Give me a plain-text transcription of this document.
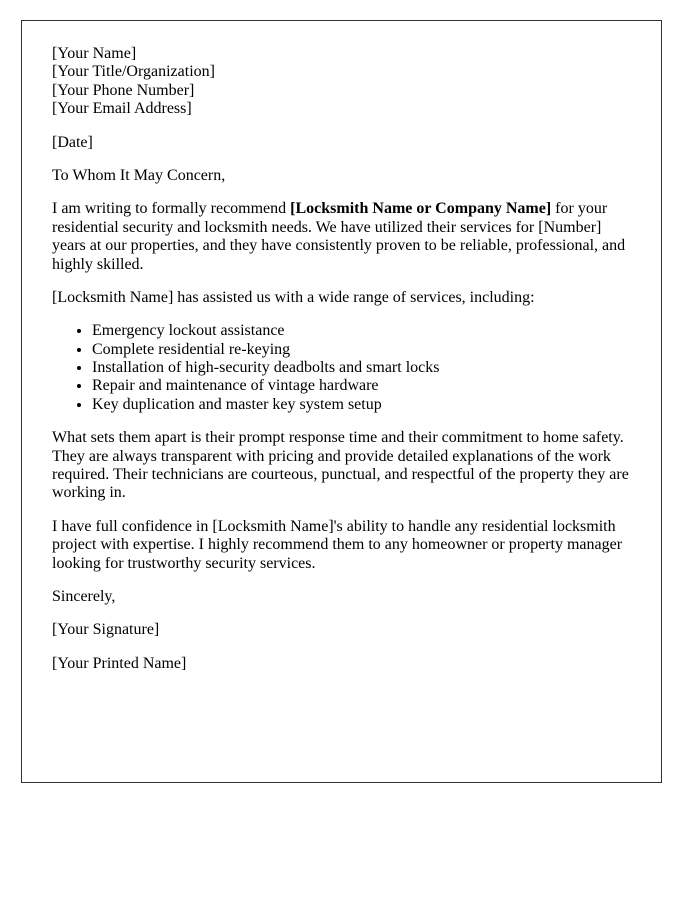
[Your Name]
[Your Title/Organization]
[Your Phone Number]
[Your Email Address]

[Date]

To Whom It May Concern,

I am writing to formally recommend [Locksmith Name or Company Name] for your residential security and locksmith needs. We have utilized their services for [Number] years at our properties, and they have consistently proven to be reliable, professional, and highly skilled.

[Locksmith Name] has assisted us with a wide range of services, including:

• Emergency lockout assistance
• Complete residential re-keying
• Installation of high-security deadbolts and smart locks
• Repair and maintenance of vintage hardware
• Key duplication and master key system setup

What sets them apart is their prompt response time and their commitment to home safety. They are always transparent with pricing and provide detailed explanations of the work required. Their technicians are courteous, punctual, and respectful of the property they are working in.

I have full confidence in [Locksmith Name]'s ability to handle any residential locksmith project with expertise. I highly recommend them to any homeowner or property manager looking for trustworthy security services.

Sincerely,

[Your Signature]

[Your Printed Name]
